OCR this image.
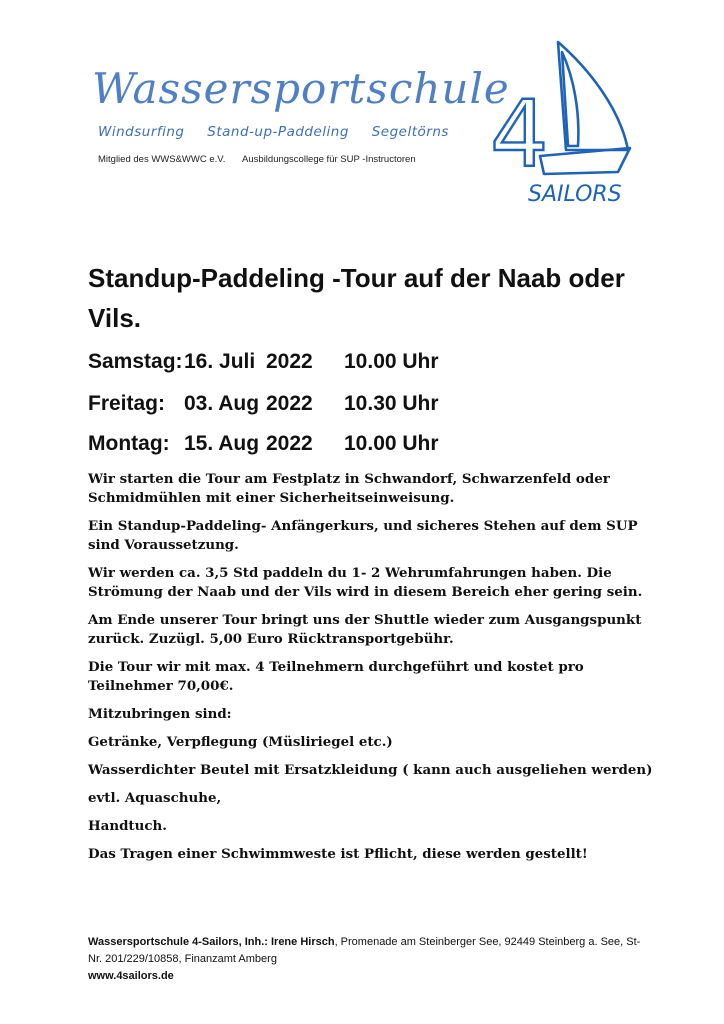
Wassersportschule
Windsurfing Stand-up-Paddeling Segeltörns
Mitglied des WWS&WWC e.V. Ausbildungscollege für SUP -Instructoren 4
SAILORS
Standup-Paddeling -Tour auf der Naab oder Vils.
Samstag:16. Juli 2022 10.00 Uhr
Freitag: 03. Aug 2022 10.30 Uhr
Montag: 15. Aug 2022 10.00 Uhr

Wir starten die Tour am Festplatz in Schwandorf, Schwarzenfeld oder Schmidmühlen mit einer Sicherheitseinweisung.

Ein Standup-Paddeling- Anfängerkurs, und sicheres Stehen auf dem SUP sind Voraussetzung.

Wir werden ca. 3,5 Std paddeln du 1- 2 Wehrumfahrungen haben. Die Strömung der Naab und der Vils wird in diesem Bereich eher gering sein.

Am Ende unserer Tour bringt uns der Shuttle wieder zum Ausgangspunkt zurück. Zuzügl. 5,00 Euro Rücktransportgebühr.

Die Tour wir mit max. 4 Teilnehmern durchgeführt und kostet pro Teilnehmer 70,00€.

Mitzubringen sind:

Getränke, Verpflegung (Müsliriegel etc.)

Wasserdichter Beutel mit Ersatzkleidung ( kann auch ausgeliehen werden)

evtl. Aquaschuhe,

Handtuch.

Das Tragen einer Schwimmweste ist Pflicht, diese werden gestellt!

Wassersportschule 4-Sailors, Inh.: Irene Hirsch, Promenade am Steinberger See, 92449 Steinberg a. See, St-Nr. 201/229/10858, Finanzamt Amberg
www.4sailors.de
